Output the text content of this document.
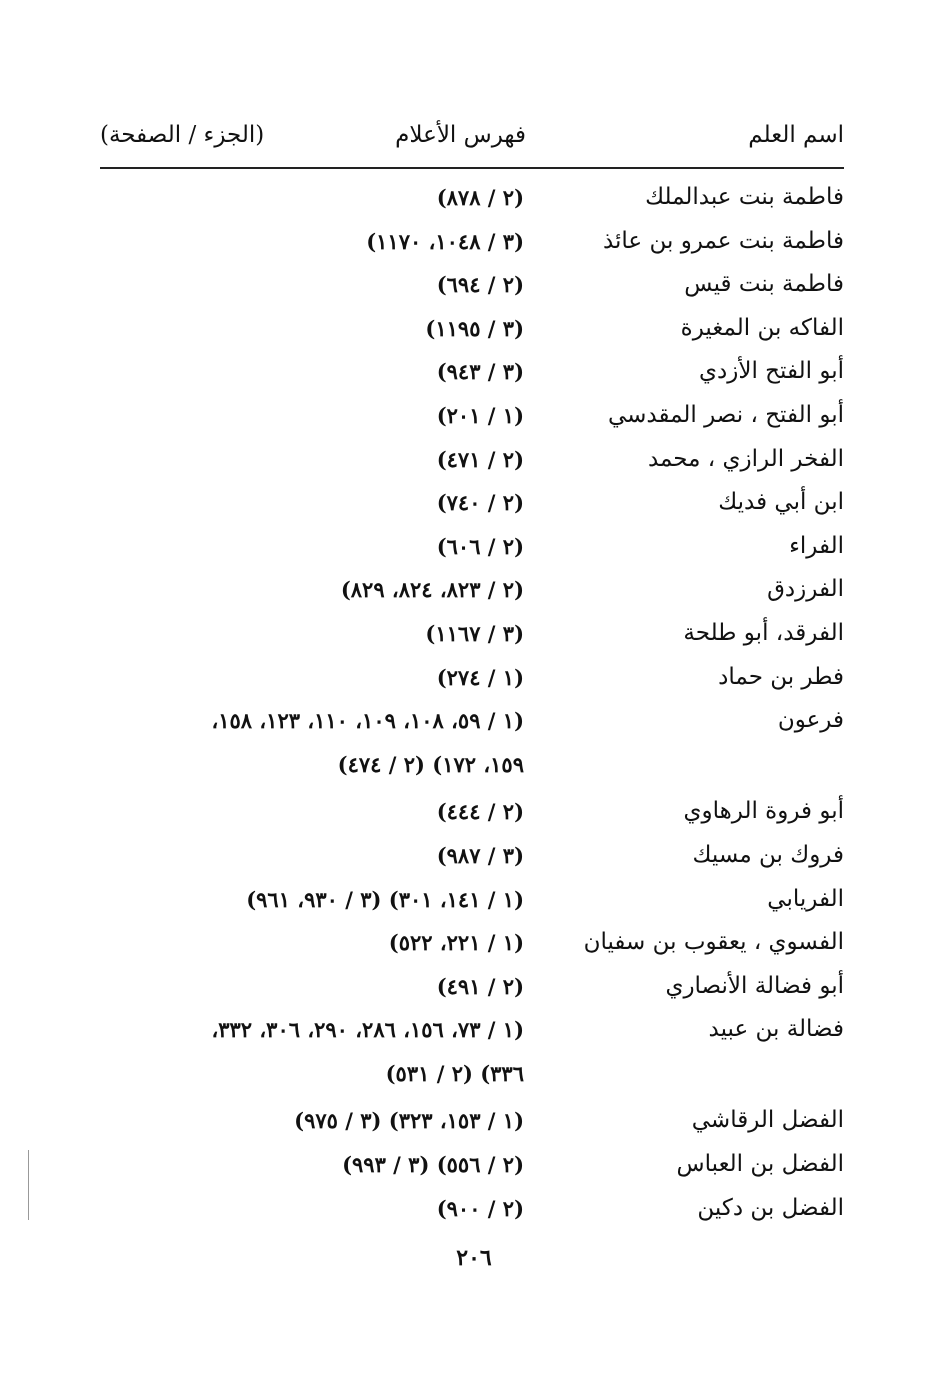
اسم العلم
فهرس الأعلام
(الجزء / الصفحة)
فاطمة بنت عبدالملك
(٢ / ٨٧٨)
فاطمة بنت عمرو بن عائذ
(٣ / ١٠٤٨، ١١٧٠)
فاطمة بنت قيس
(٢ / ٦٩٤)
الفاكه بن المغيرة
(٣ / ١١٩٥)
أبو الفتح الأزدي
(٣ / ٩٤٣)
أبو الفتح ، نصر المقدسي
(١ / ٢٠١)
الفخر الرازي ، محمد
(٢ / ٤٧١)
ابن أبي فديك
(٢ / ٧٤٠)
الفراء
(٢ / ٦٠٦)
الفرزدق
(٢ / ٨٢٣، ٨٢٤، ٨٢٩)
الفرقد، أبو طلحة
(٣ / ١١٦٧)
فطر بن حماد
(١ / ٢٧٤)
فرعون
(١ / ٥٩، ١٠٨، ١٠٩، ١١٠، ١٢٣، ١٥٨،
١٥٩، ١٧٢) (٢ / ٤٧٤)
أبو فروة الرهاوي
(٢ / ٤٤٤)
فروك بن مسيك
(٣ / ٩٨٧)
الفريابي
(١ / ١٤١، ٣٠١) (٣ / ٩٣٠، ٩٦١)
الفسوي ، يعقوب بن سفيان
(١ / ٢٢١، ٥٢٢)
أبو فضالة الأنصاري
(٢ / ٤٩١)
فضالة بن عبيد
(١ / ٧٣، ١٥٦، ٢٨٦، ٢٩٠، ٣٠٦، ٣٣٢،
٣٣٦) (٢ / ٥٣١)
الفضل الرقاشي
(١ / ١٥٣، ٣٢٣) (٣ / ٩٧٥)
الفضل بن العباس
(٢ / ٥٥٦) (٣ / ٩٩٣)
الفضل بن دكين
(٢ / ٩٠٠)
٢٠٦
